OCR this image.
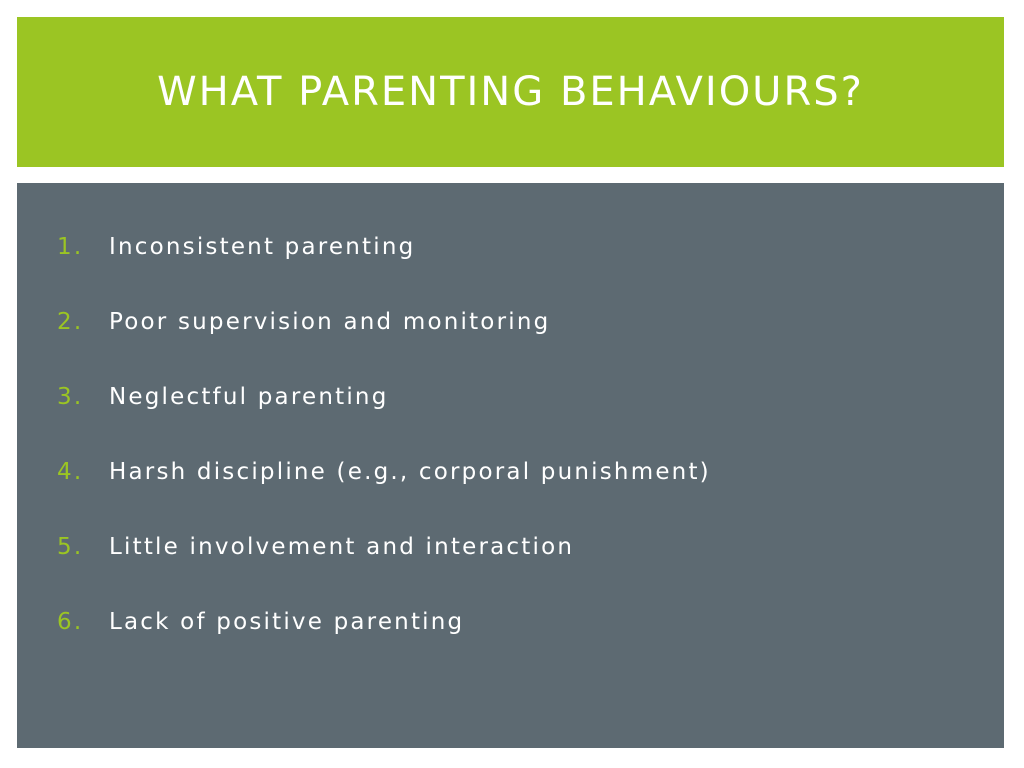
WHAT PARENTING BEHAVIOURS?
1.	Inconsistent parenting
2.	Poor supervision and monitoring
3.	Neglectful parenting
4.	Harsh discipline (e.g., corporal punishment)
5.	Little involvement and interaction
6.	Lack of positive parenting
